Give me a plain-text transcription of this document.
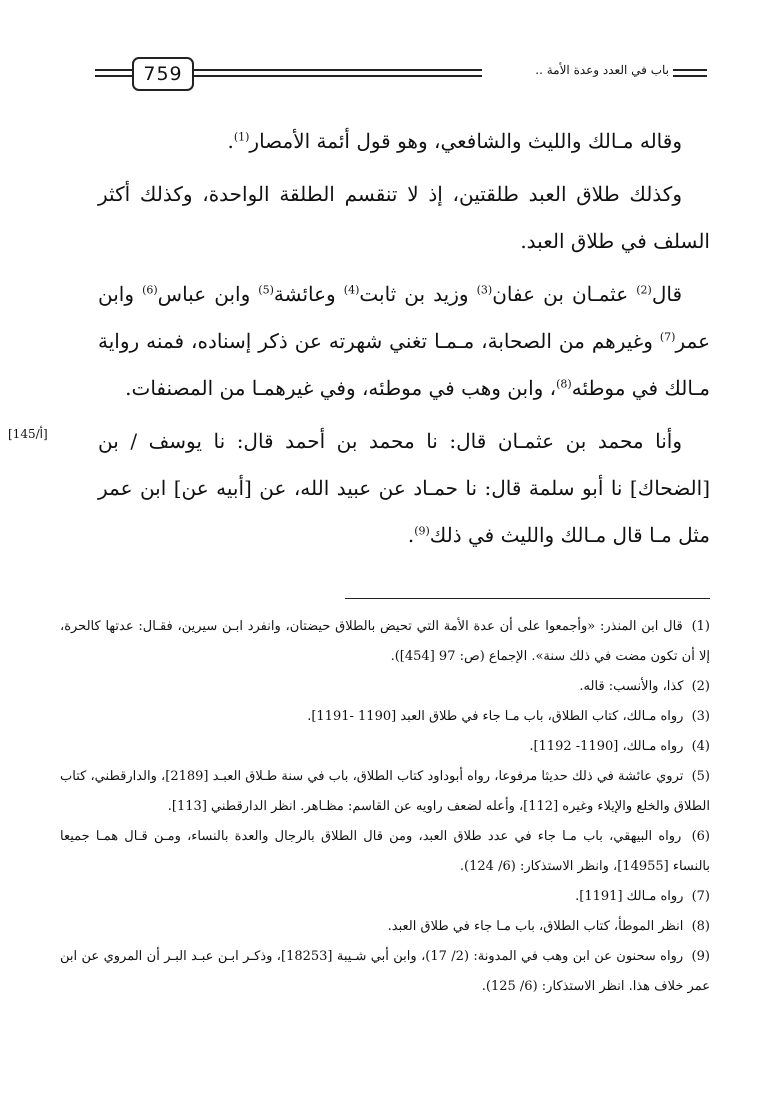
759	باب في العدد وعدة الأمة ..

وقاله مـالك والليث والشافعي، وهو قول أئمة الأمصار$^{(1)}$.

وكذلك طلاق العبد طلقتين، إذ لا تنقسم الطلقة الواحدة، وكذلك أكثر السلف في طلاق العبد.

قال$^{(2)}$ عثمـان بن عفان$^{(3)}$ وزيد بن ثابت$^{(4)}$ وعائشة$^{(5)}$ وابن عباس$^{(6)}$ وابن عمر$^{(7)}$ وغيرهم من الصحابة، مـمـا تغني شهرته عن ذكر إسناده، فمنه رواية مـالك في موطئه$^{(8)}$، وابن وهب في موطئه، وفي غيرهمـا من المصنفات.

وأنا محمد بن عثمـان قال: نا محمد بن أحمد قال: نا يوسف / بن [الضحاك] نا أبو سلمة قال: نا حمـاد عن عبيد الله، عن [أبيه عن] ابن عمر مثل مـا قال مـالك والليث في ذلك$^{(9)}$.

[145/أ]

(1) قال ابن المنذر: «وأجمعوا على أن عدة الأمة التي تحيض بالطلاق حيضتان، وانفرد ابـن سيرين، فقـال: عدتها كالحرة، إلا أن تكون مضت في ذلك سنة». الإجماع (ص: 97 [454]).

(2) كذا، والأنسب: قاله.

(3) رواه مـالك، كتاب الطلاق، باب مـا جاء في طلاق العبد [1190 -1191].

(4) رواه مـالك، [1190- 1192].

(5) تروي عائشة في ذلك حديثا مرفوعا، رواه أبوداود كتاب الطلاق، باب في سنة طـلاق العبـد [2189]، والدارقطني، كتاب الطلاق والخلع والإيلاء وغيره [112]، وأعله لضعف راويه عن القاسم: مظـاهر. انظر الدارقطني [113].

(6) رواه البيهقي، باب مـا جاء في عدد طلاق العبد، ومن قال الطلاق بالرجال والعدة بالنساء، ومـن قـال همـا جميعا بالنساء [14955]، وانظر الاستذكار: (6/ 124).

(7) رواه مـالك [1191].

(8) انظر الموطأ، كتاب الطلاق، باب مـا جاء في طلاق العبد.

(9) رواه سحنون عن ابن وهب في المدونة: (2/ 17)، وابن أبي شـيبة [18253]، وذكـر ابـن عبـد البـر أن المروي عن ابن عمر خلاف هذا. انظر الاستذكار: (6/ 125).
